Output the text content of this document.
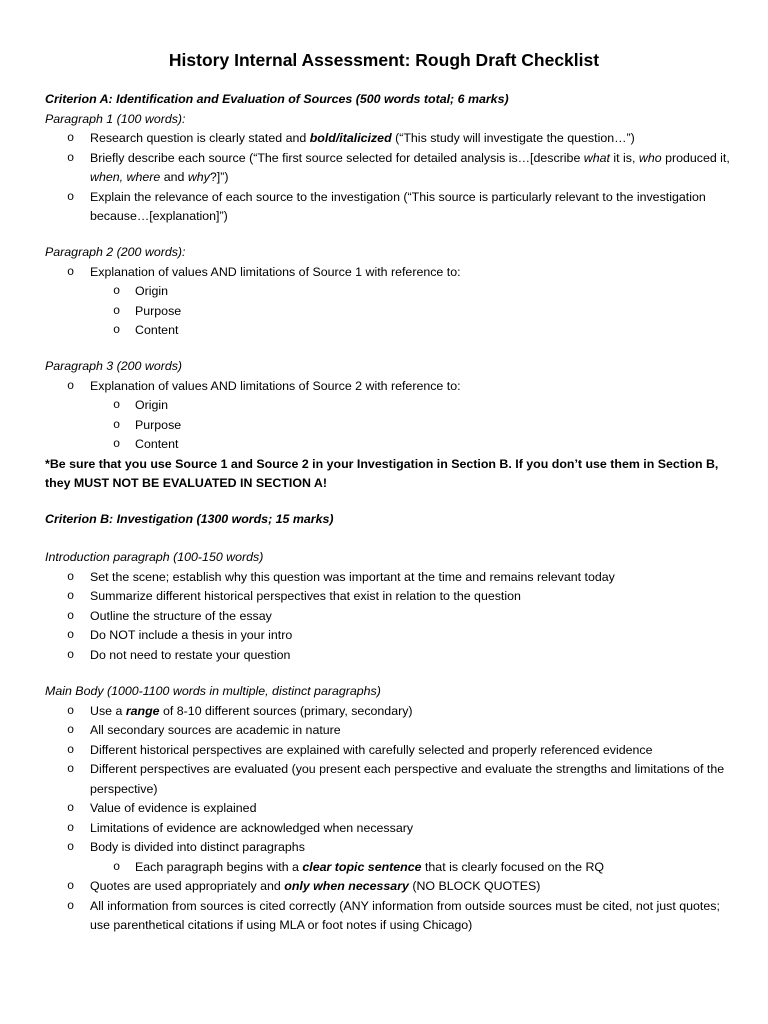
History Internal Assessment: Rough Draft Checklist
Criterion A: Identification and Evaluation of Sources (500 words total; 6 marks)
Paragraph 1 (100 words):
o Research question is clearly stated and bold/italicized (“This study will investigate the question…”)
o Briefly describe each source (“The first source selected for detailed analysis is…[describe what it is, who produced it, when, where and why?]”)
o Explain the relevance of each source to the investigation (“This source is particularly relevant to the investigation because…[explanation]”)
Paragraph 2 (200 words):
o Explanation of values AND limitations of Source 1 with reference to:
o Origin
o Purpose
o Content
Paragraph 3 (200 words)
o Explanation of values AND limitations of Source 2 with reference to:
o Origin
o Purpose
o Content
*Be sure that you use Source 1 and Source 2 in your Investigation in Section B. If you don’t use them in Section B, they MUST NOT BE EVALUATED IN SECTION A!
Criterion B: Investigation (1300 words; 15 marks)
Introduction paragraph (100-150 words)
o Set the scene; establish why this question was important at the time and remains relevant today
o Summarize different historical perspectives that exist in relation to the question
o Outline the structure of the essay
o Do NOT include a thesis in your intro
o Do not need to restate your question
Main Body (1000-1100 words in multiple, distinct paragraphs)
o Use a range of 8-10 different sources (primary, secondary)
o All secondary sources are academic in nature
o Different historical perspectives are explained with carefully selected and properly referenced evidence
o Different perspectives are evaluated (you present each perspective and evaluate the strengths and limitations of the perspective)
o Value of evidence is explained
o Limitations of evidence are acknowledged when necessary
o Body is divided into distinct paragraphs
o Each paragraph begins with a clear topic sentence that is clearly focused on the RQ
o Quotes are used appropriately and only when necessary (NO BLOCK QUOTES)
o All information from sources is cited correctly (ANY information from outside sources must be cited, not just quotes; use parenthetical citations if using MLA or foot notes if using Chicago)
